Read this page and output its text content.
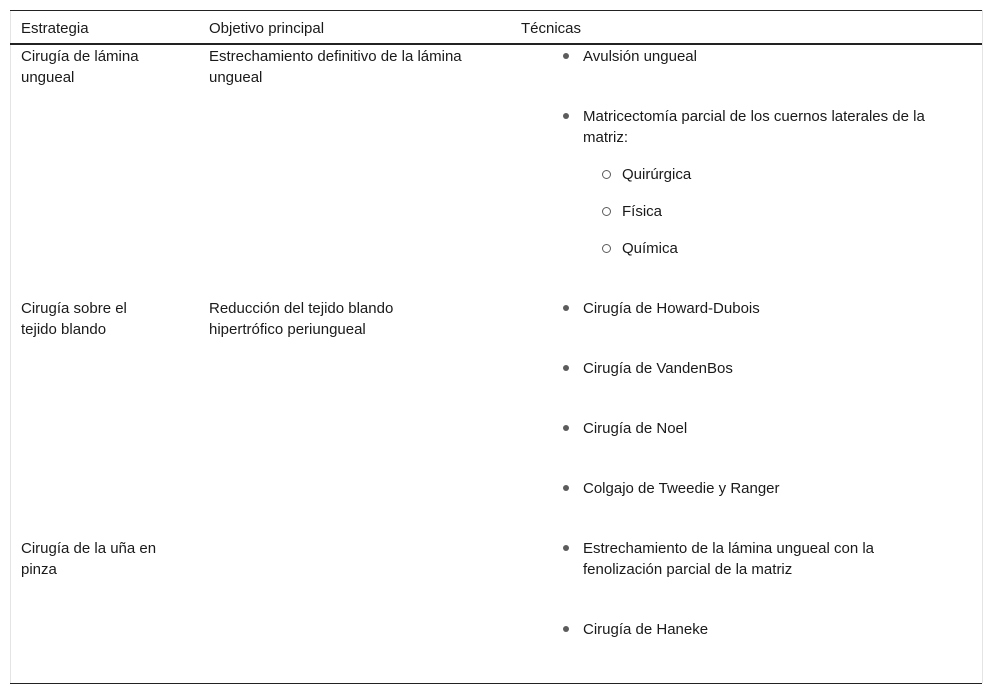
Estrategia	Objetivo principal	Técnicas
Cirugía de lámina ungueal
Estrechamiento definitivo de la lámina ungueal
Avulsión ungueal
Matricectomía parcial de los cuernos laterales de la matriz:
Quirúrgica
Física
Química
Cirugía sobre el tejido blando
Reducción del tejido blando hipertrófico periungueal
Cirugía de Howard-Dubois
Cirugía de VandenBos
Cirugía de Noel
Colgajo de Tweedie y Ranger
Cirugía de la uña en pinza
Estrechamiento de la lámina ungueal con la fenolización parcial de la matriz
Cirugía de Haneke
